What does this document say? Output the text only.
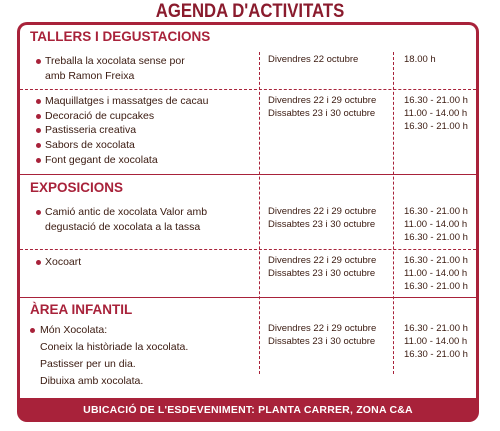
AGENDA D'ACTIVITATS
TALLERS I DEGUSTACIONS
Treballa la xocolata sense por
amb Ramon Freixa
Divendres 22 octubre	18.00 h
Maquillatges i massatges de cacau
Decoració de cupcakes
Pastisseria creativa
Sabors de xocolata
Font gegant de xocolata
Divendres 22 i 29 octubre
Dissabtes 23 i 30 octubre
16.30 - 21.00 h
11.00 - 14.00 h
16.30 - 21.00 h
EXPOSICIONS
Camió antic de xocolata Valor amb
degustació de xocolata a la tassa
Divendres 22 i 29 octubre
Dissabtes 23 i 30 octubre
16.30 - 21.00 h
11.00 - 14.00 h
16.30 - 21.00 h
Xocoart	Divendres 22 i 29 octubre
Dissabtes 23 i 30 octubre
16.30 - 21.00 h
11.00 - 14.00 h
16.30 - 21.00 h
ÀREA INFANTIL
Món Xocolata:
Coneix la històriade la xocolata.
Pastisser per un dia.
Dibuixa amb xocolata.
Divendres 22 i 29 octubre
Dissabtes 23 i 30 octubre
16.30 - 21.00 h
11.00 - 14.00 h
16.30 - 21.00 h
UBICACIÓ DE L'ESDEVENIMENT: PLANTA CARRER, ZONA C&A
